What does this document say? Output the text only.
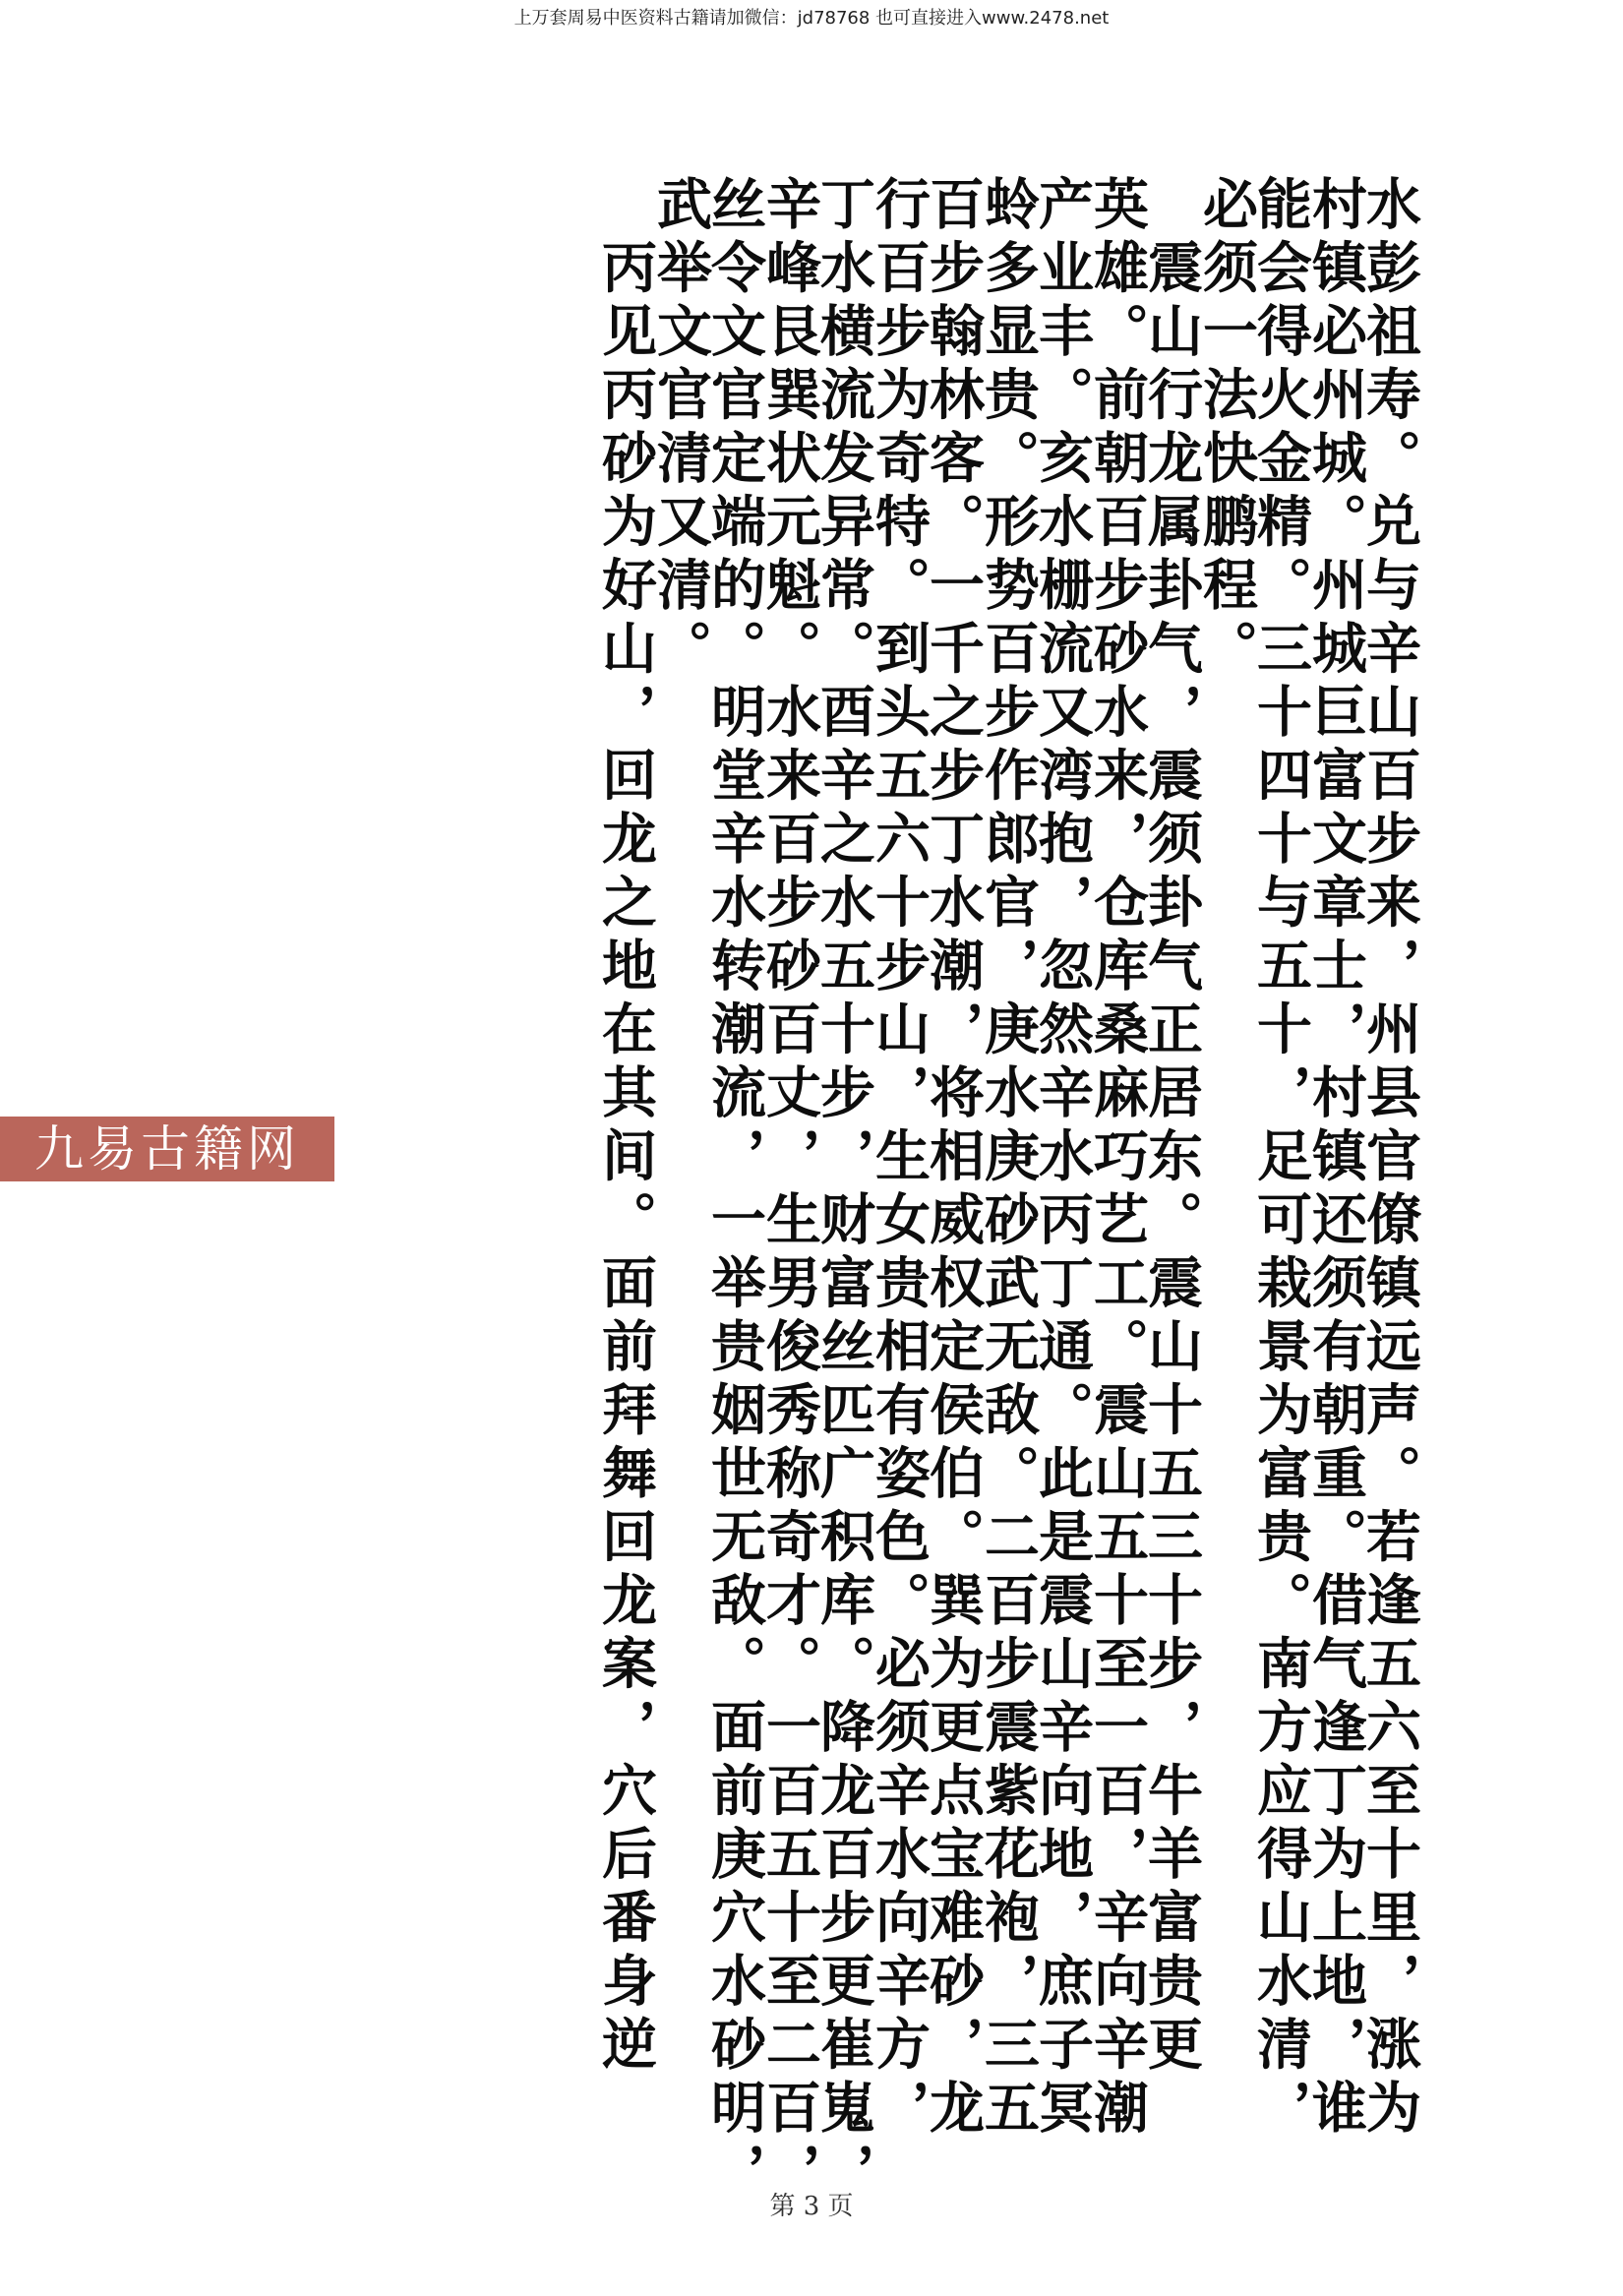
上万套周易中医资料古籍请加微信：jd78768 也可直接进入www.2478.net
水彭祖寿。兑与辛山百步来，州县官僚镇远声。若逢五六至十里，涨为
村镇必州城。州城巨富文章士，村镇还须有朝重。借气逢丁为上地，谁
能会得火金精。三十四十与五十，足可栽景为富贵。南方应得山水清，
必须一法快鹏程。
　震山行龙属卦气，震须卦气正居东。震山十五三十步，牛羊富贵更
英雄。前朝百步砂水来，仓库桑麻巧艺工。震山五十至一百，辛向辛潮
产业丰。亥水栅流又湾抱，忽然辛水丙丁通。此是震山辛向地，庶子冥
蛉多显贵。形势百步作郎官，庚水庚砂武无敌。二百步震紫花袍，三五
百步翰林客。一千之步丁水潮，将相威权定侯伯。巽为更点宝难砂，龙
行百步为奇特。到头五六十步山，生女贵相有姿色。必须辛水向辛方，
丁水横流发异常。酉辛之水五十步，财富丝匹广积库。降龙百步更崔嵬，
辛峰艮巽状元魁。水来百步砂百丈，生男俊秀称奇才。一百五十至二百，
丝令文官定端的。明堂辛水转潮流，一举贵姻世无敌。面前庚穴水砂明，
武举文官清又清。
　丙见丙砂为好山，回龙之地在其间。面前拜舞回龙案，穴后番身逆
九易古籍网
第 3 页
